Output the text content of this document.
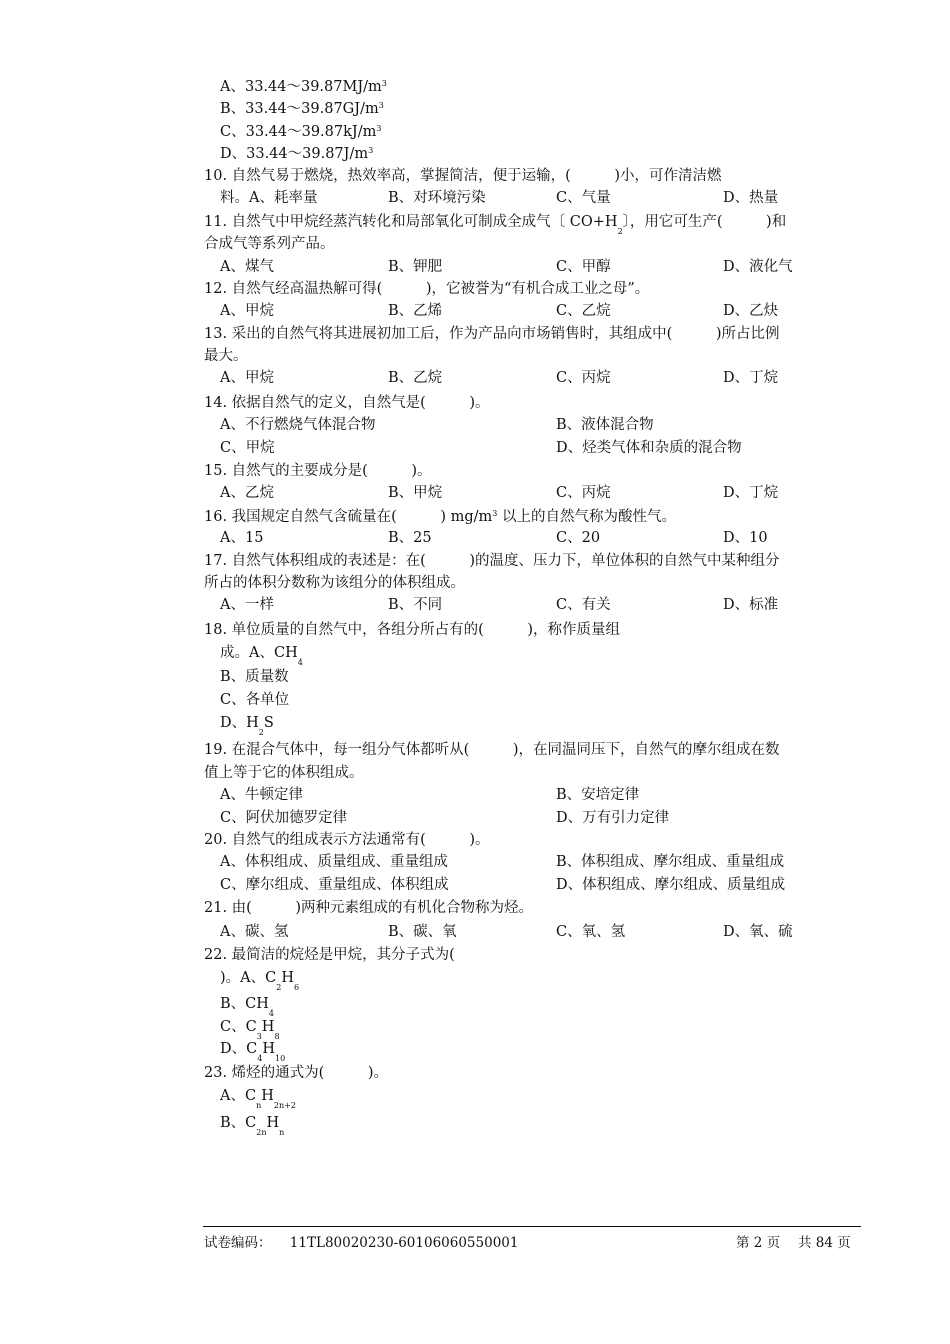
A、$33.44\sim 39.87MJ/m^3$
B、$33.44\sim 39.87GJ/m^3$
C、$33.44\sim 39.87kJ/m^3$
D、$33.44\sim 39.87J/m^3$
10. 自然气易于燃烧，热效率高，掌握简洁，便于运输，(　　　)小，可作清洁燃
料。A、耗率量	B、对环境污染	C、气量	D、热量
11. 自然气中甲烷经蒸汽转化和局部氧化可制成全成气〔 $CO+H_2$〕，用它可生产(　　　)和
合成气等系列产品。
A、煤气	B、钾肥	C、甲醇	D、液化气
12. 自然气经高温热解可得(　　　)，它被誉为“有机合成工业之母”。
A、甲烷	B、乙烯	C、乙烷	D、乙炔
13. 采出的自然气将其进展初加工后，作为产品向市场销售时，其组成中(　　　)所占比例
最大。
A、甲烷	B、乙烷	C、丙烷	D、丁烷
14. 依据自然气的定义，自然气是(　　　)。
A、不行燃烧气体混合物	B、液体混合物
C、甲烷	D、烃类气体和杂质的混合物
15. 自然气的主要成分是(　　　)。
A、乙烷	B、甲烷	C、丙烷	D、丁烷
16. 我国规定自然气含硫量在(　　　) $mg/m^3$ 以上的自然气称为酸性气。
A、15	B、25	C、20	D、10
17. 自然气体积组成的表述是：在(　　　)的温度、压力下，单位体积的自然气中某种组分
所占的体积分数称为该组分的体积组成。
A、一样	B、不同	C、有关	D、标准
18. 单位质量的自然气中，各组分所占有的(　　　)，称作质量组
成。A、$CH_4$
B、质量数
C、各单位
D、$H_2S$
19. 在混合气体中，每一组分气体都听从(　　　)，在同温同压下，自然气的摩尔组成在数
值上等于它的体积组成。
A、牛顿定律	B、安培定律
C、阿伏加德罗定律	D、万有引力定律
20. 自然气的组成表示方法通常有(　　　)。
A、体积组成、质量组成、重量组成	B、体积组成、摩尔组成、重量组成
C、摩尔组成、重量组成、体积组成	D、体积组成、摩尔组成、质量组成
21. 由(　　　)两种元素组成的有机化合物称为烃。
A、碳、氢	B、碳、氧	C、氧、氢	D、氧、硫
22. 最简洁的烷烃是甲烷，其分子式为(
)。A、$C_2H_6$
B、$CH_4$
C、$C_3H_8$
D、$C_4H_{10}$
23. 烯烃的通式为(　　　)。
A、$C_nH_{2n+2}$
B、$C_{2n}H_n$
试卷编码： 11TL80020230-60106060550001	第 2 页　 共 84 页
